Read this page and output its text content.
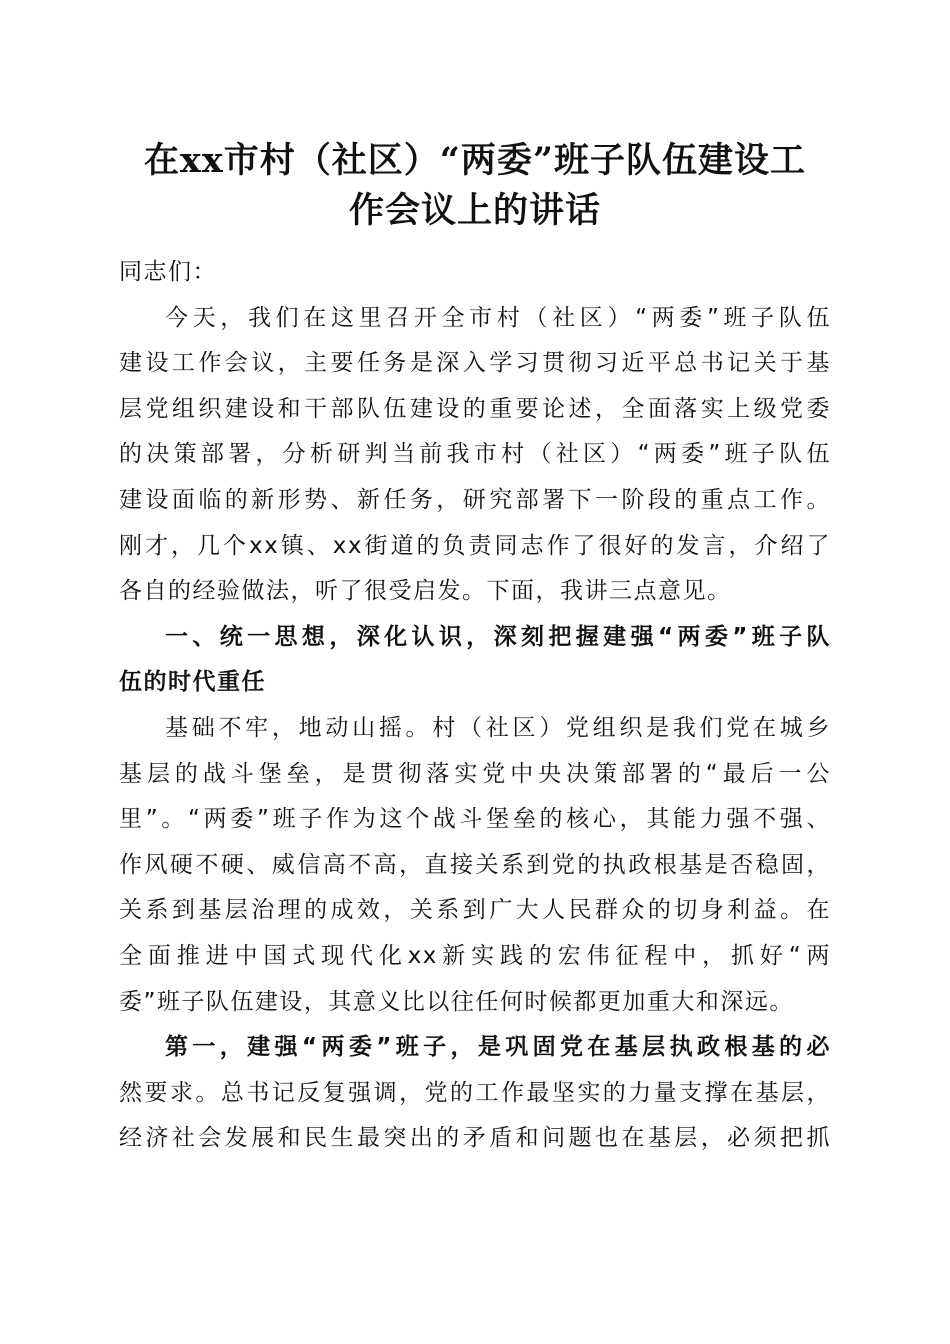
在xx市村（社区）“两委”班子队伍建设工
作会议上的讲话
同志们：
今天，我们在这里召开全市村（社区）“两委”班子队伍
建设工作会议，主要任务是深入学习贯彻习近平总书记关于基
层党组织建设和干部队伍建设的重要论述，全面落实上级党委
的决策部署，分析研判当前我市村（社区）“两委”班子队伍
建设面临的新形势、新任务，研究部署下一阶段的重点工作。
刚才，几个xx镇、xx街道的负责同志作了很好的发言，介绍了
各自的经验做法，听了很受启发。下面，我讲三点意见。
一、统一思想，深化认识，深刻把握建强“两委”班子队
伍的时代重任
基础不牢，地动山摇。村（社区）党组织是我们党在城乡
基层的战斗堡垒，是贯彻落实党中央决策部署的“最后一公
里”。“两委”班子作为这个战斗堡垒的核心，其能力强不强、
作风硬不硬、威信高不高，直接关系到党的执政根基是否稳固，
关系到基层治理的成效，关系到广大人民群众的切身利益。在
全面推进中国式现代化xx新实践的宏伟征程中，抓好“两
委”班子队伍建设，其意义比以往任何时候都更加重大和深远。
第一，建强“两委”班子，是巩固党在基层执政根基的必
然要求。总书记反复强调，党的工作最坚实的力量支撑在基层，
经济社会发展和民生最突出的矛盾和问题也在基层，必须把抓
